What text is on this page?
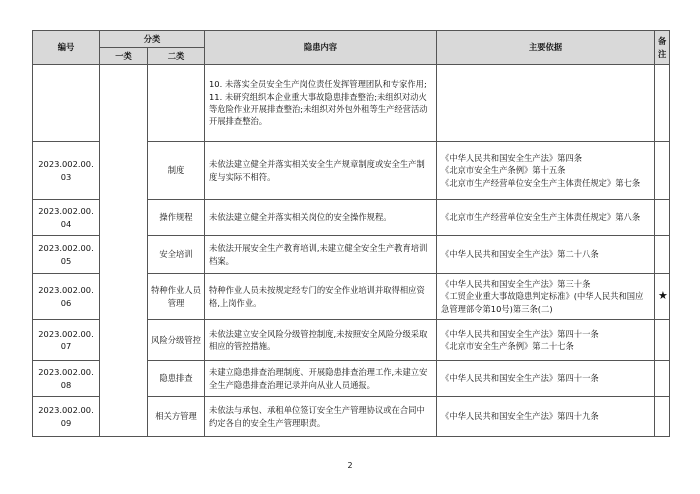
编号	分类		隐患内容	主要依据	备注
	一类	二类			

			10. 未落实全员安全生产岗位责任发挥管理团队和专家作用;
11. 未研究组织本企业重大事故隐患排查整治;未组织对动火等危险作业开展排查整治;未组织对外包外租等生产经营活动开展排查整治。		

2023.002.00.03		制度	未依法建立健全并落实相关安全生产规章制度或安全生产制度与实际不相符。	《中华人民共和国安全生产法》第四条
《北京市安全生产条例》第十五条
《北京市生产经营单位安全生产主体责任规定》第七条	

2023.002.00.04		操作规程	未依法建立健全并落实相关岗位的安全操作规程。	《北京市生产经营单位安全生产主体责任规定》第八条	

2023.002.00.05		安全培训	未依法开展安全生产教育培训,未建立健全安全生产教育培训档案。	《中华人民共和国安全生产法》第二十八条	

2023.002.00.06		特种作业人员管理	特种作业人员未按规定经专门的安全作业培训并取得相应资格,上岗作业。	《中华人民共和国安全生产法》第三十条
《工贸企业重大事故隐患判定标准》(中华人民共和国应急管理部令第10号)第三条(二)	★
2023.002.00.07		风险分级管控	未依法建立安全风险分级管控制度,未按照安全风险分级采取相应的管控措施。	《中华人民共和国安全生产法》第四十一条
《北京市安全生产条例》第二十七条	

2023.002.00.08		隐患排查	未建立隐患排查治理制度、开展隐患排查治理工作,未建立安全生产隐患排查治理记录并向从业人员通报。	《中华人民共和国安全生产法》第四十一条	

2023.002.00.09		相关方管理	未依法与承包、承租单位签订安全生产管理协议或在合同中约定各自的安全生产管理职责。	《中华人民共和国安全生产法》第四十九条	

2
